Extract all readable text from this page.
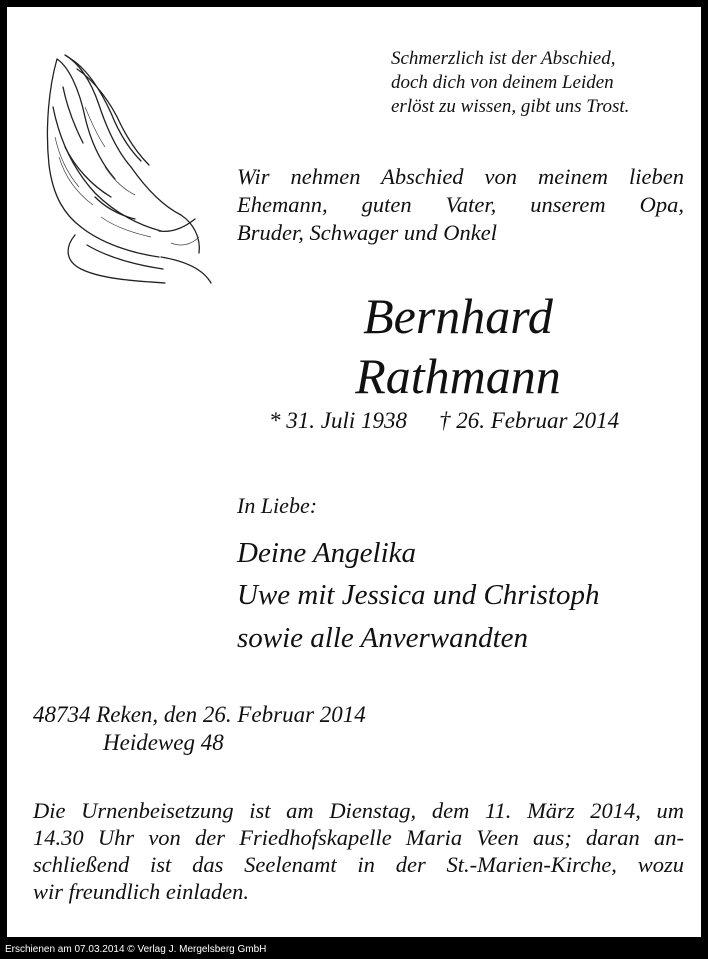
Schmerzlich ist der Abschied,
doch dich von deinem Leiden
erlöst zu wissen, gibt uns Trost.
Wir nehmen Abschied von meinem lieben
Ehemann, guten Vater, unserem Opa,
Bruder, Schwager und Onkel
Bernhard
Rathmann
* 31. Juli 1938 † 26. Februar 2014
In Liebe:
Deine Angelika
Uwe mit Jessica und Christoph
sowie alle Anverwandten
48734 Reken, den 26. Februar 2014
Heideweg 48
Die Urnenbeisetzung ist am Dienstag, dem 11. März 2014, um
14.30 Uhr von der Friedhofskapelle Maria Veen aus; daran an-
schließend ist das Seelenamt in der St.-Marien-Kirche, wozu
wir freundlich einladen.
Erschienen am 07.03.2014 © Verlag J. Mergelsberg GmbH
